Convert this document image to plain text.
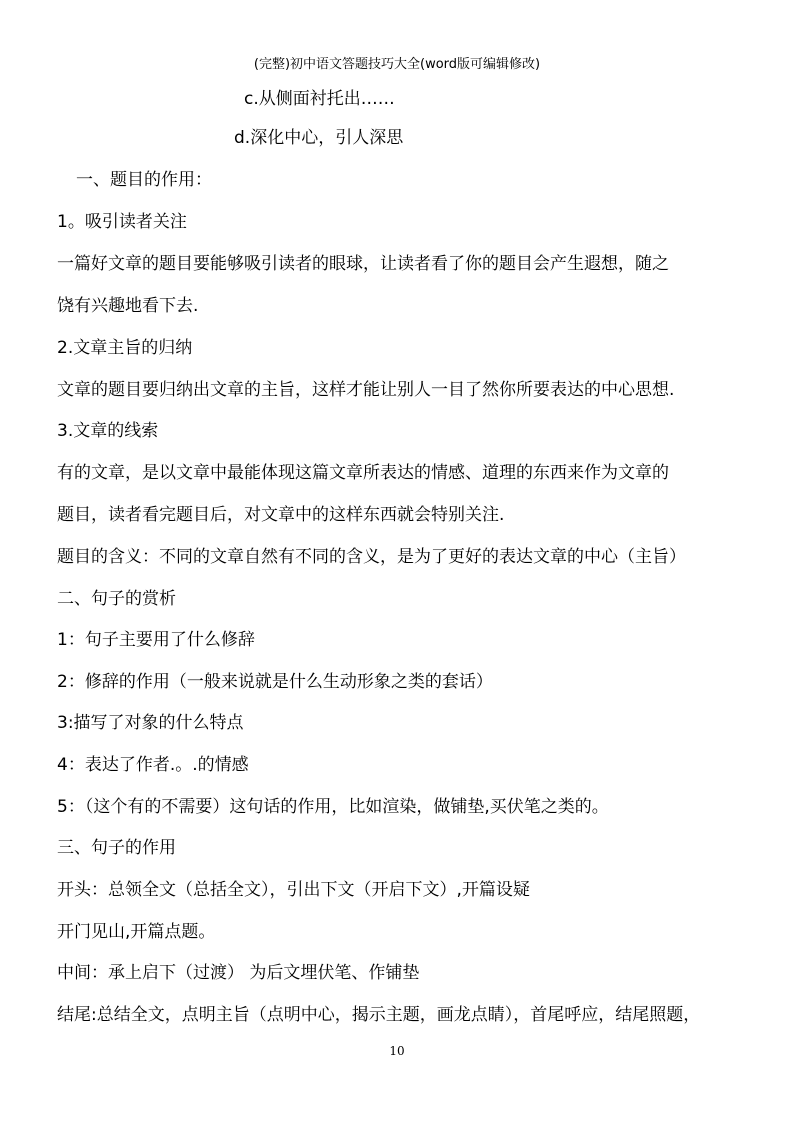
(完整)初中语文答题技巧大全(word版可编辑修改)
c.从侧面衬托出……
d.深化中心，引人深思
一、题目的作用：
1。吸引读者关注
一篇好文章的题目要能够吸引读者的眼球，让读者看了你的题目会产生遐想，随之
饶有兴趣地看下去.
2.文章主旨的归纳
文章的题目要归纳出文章的主旨，这样才能让别人一目了然你所要表达的中心思想.
3.文章的线索
有的文章，是以文章中最能体现这篇文章所表达的情感、道理的东西来作为文章的
题目，读者看完题目后，对文章中的这样东西就会特别关注.
题目的含义：不同的文章自然有不同的含义，是为了更好的表达文章的中心（主旨）
二、句子的赏析
1：句子主要用了什么修辞
2：修辞的作用（一般来说就是什么生动形象之类的套话）
3:描写了对象的什么特点
4：表达了作者.。.的情感
5：（这个有的不需要）这句话的作用，比如渲染，做铺垫,买伏笔之类的。
三、句子的作用
开头：总领全文（总括全文），引出下文（开启下文）,开篇设疑
开门见山,开篇点题。
中间：承上启下（过渡） 为后文埋伏笔、作铺垫
结尾:总结全文，点明主旨（点明中心，揭示主题，画龙点睛），首尾呼应，结尾照题，
10
